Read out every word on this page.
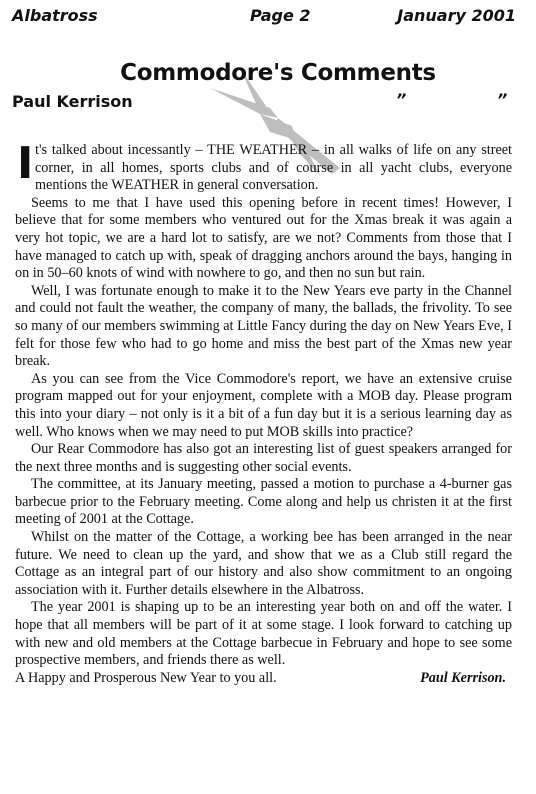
Albatross	Page 2	January 2001
Commodore's Comments
Paul Kerrison	”	”

It's talked about incessantly – THE WEATHER – in all walks of life on any street corner, in all homes, sports clubs and of course in all yacht clubs, everyone mentions the WEATHER in general conversation.

Seems to me that I have used this opening before in recent times! However, I believe that for some members who ventured out for the Xmas break it was again a very hot topic, we are a hard lot to satisfy, are we not? Comments from those that I have managed to catch up with, speak of dragging anchors around the bays, hanging in on in 50–60 knots of wind with nowhere to go, and then no sun but rain.

Well, I was fortunate enough to make it to the New Years eve party in the Channel and could not fault the weather, the company of many, the ballads, the frivolity. To see so many of our members swimming at Little Fancy during the day on New Years Eve, I felt for those few who had to go home and miss the best part of the Xmas new year break.

As you can see from the Vice Commodore's report, we have an extensive cruise program mapped out for your enjoyment, complete with a MOB day. Please program this into your diary – not only is it a bit of a fun day but it is a serious learning day as well. Who knows when we may need to put MOB skills into practice?

Our Rear Commodore has also got an interesting list of guest speakers arranged for the next three months and is suggesting other social events.

The committee, at its January meeting, passed a motion to purchase a 4-burner gas barbecue prior to the February meeting. Come along and help us christen it at the first meeting of 2001 at the Cottage.

Whilst on the matter of the Cottage, a working bee has been arranged in the near future. We need to clean up the yard, and show that we as a Club still regard the Cottage as an integral part of our history and also show commitment to an ongoing association with it. Further details elsewhere in the Albatross.

The year 2001 is shaping up to be an interesting year both on and off the water. I hope that all members will be part of it at some stage. I look forward to catching up with new and old members at the Cottage barbecue in February and hope to see some prospective members, and friends there as well.

A Happy and Prosperous New Year to you all.	Paul Kerrison.
